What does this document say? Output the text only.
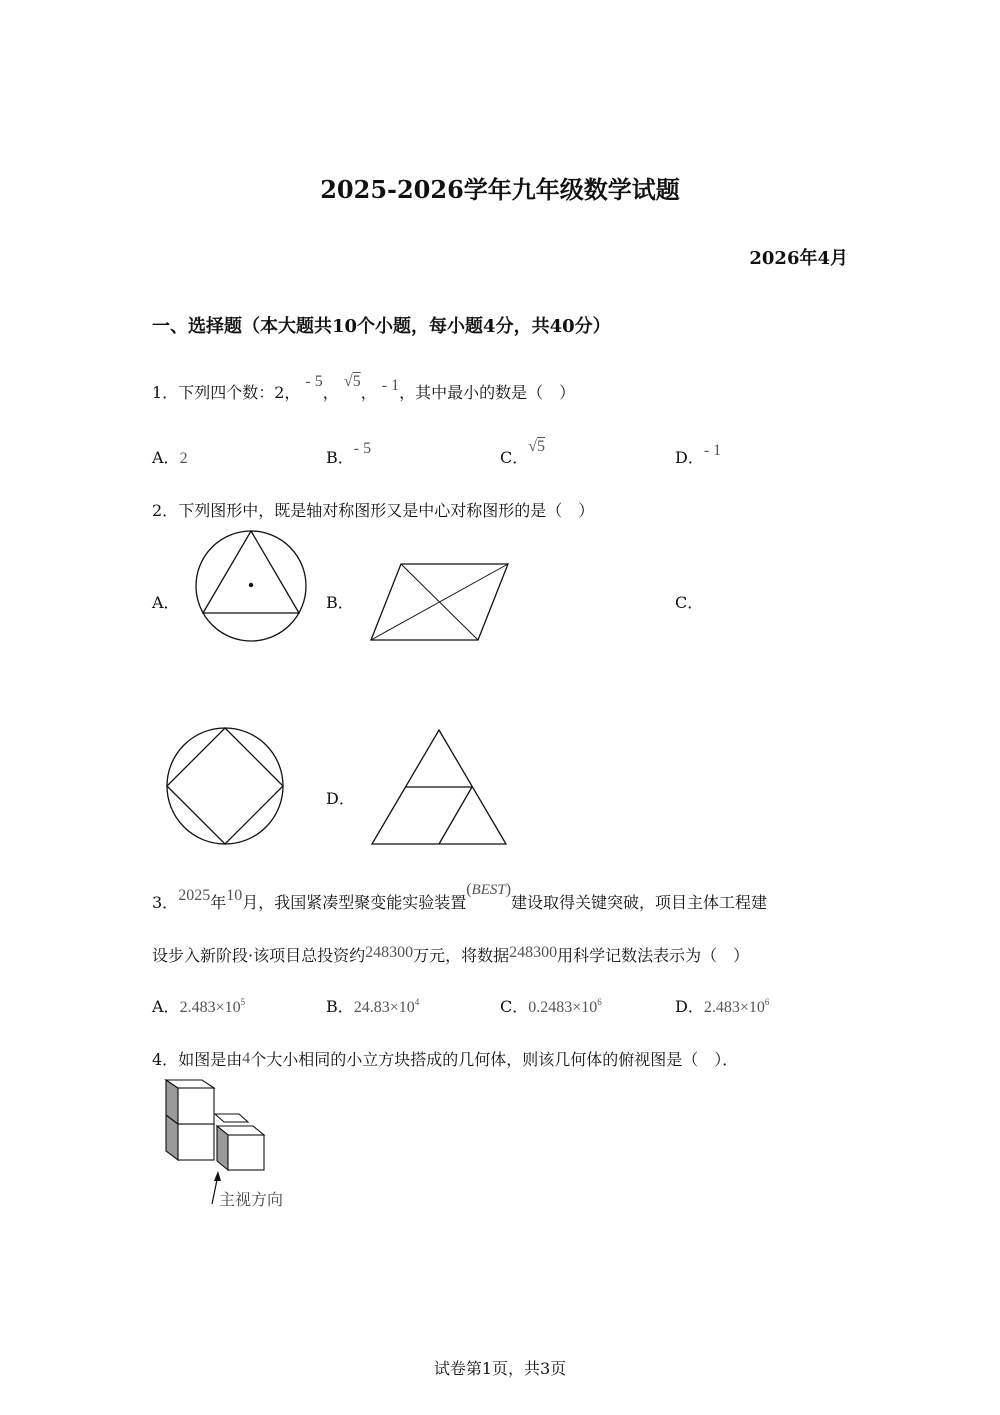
2025-2026学年九年级数学试题
2026年4月
一、选择题（本大题共10个小题，每小题4分，共40分）
1．下列四个数：2， - 5， √5， - 1，其中最小的数是（　）
A．2	B．- 5	C．√5
D．- 1
2．下列图形中，既是轴对称图形又是中心对称图形的是（　）
A．	B．	C．
D．
3．2025年10月，我国紧凑型聚变能实验装置(BEST)建设取得关键突破，项目主体工程建
设步入新阶段·该项目总投资约248300万元，将数据248300用科学记数法表示为（　）
A．$2.483\times 10^5$	B．$24.83\times 10^4$	C．$0.2483\times 10^6$	D．$2.483\times 10^6$
4．如图是由4个大小相同的小立方块搭成的几何体，则该几何体的俯视图是（　）．
主视方向
试卷第1页，共3页
